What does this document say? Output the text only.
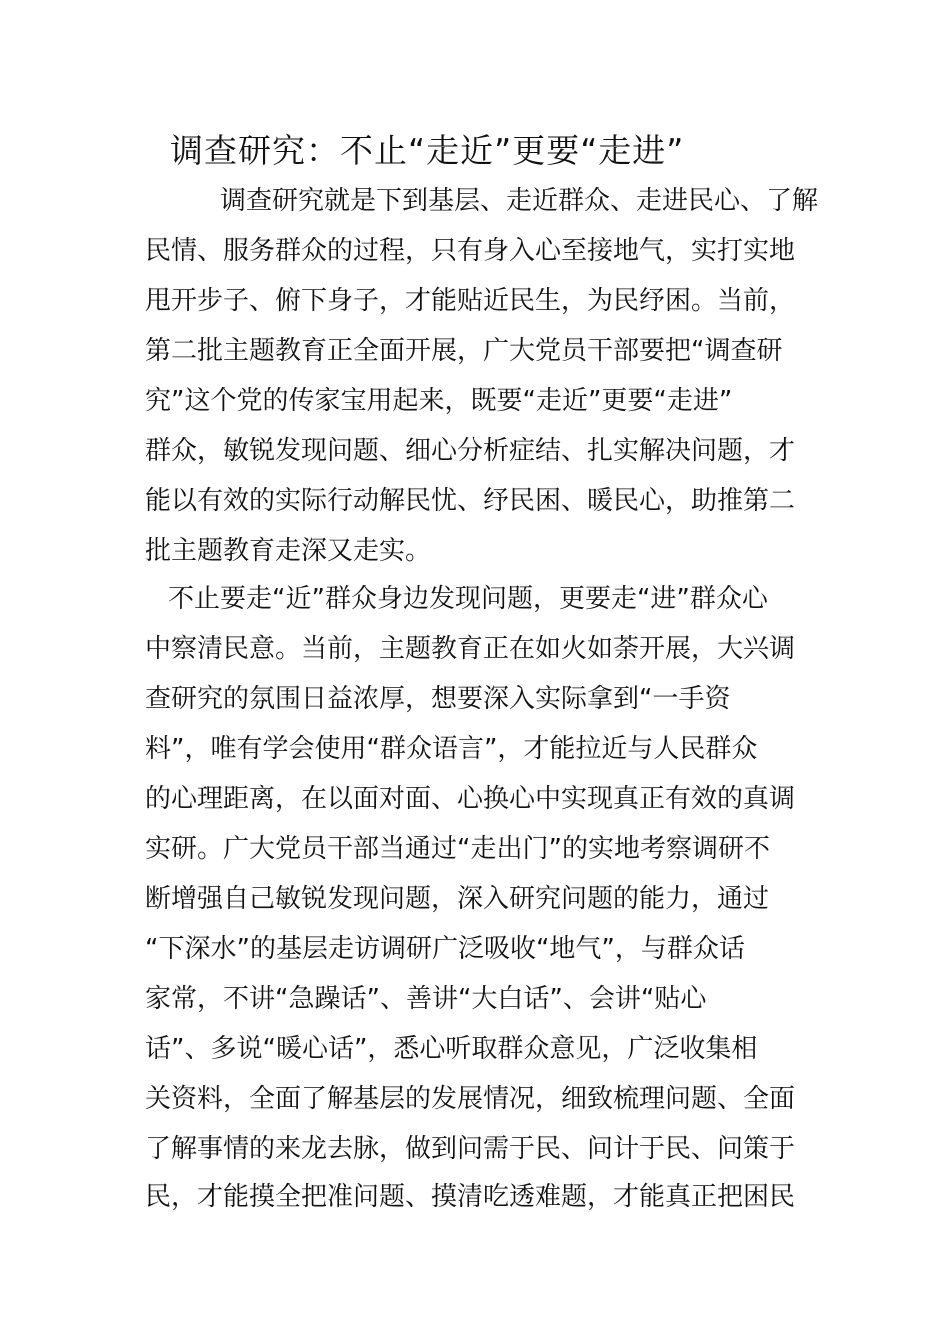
调查研究：不止“走近”更要“走进”
调查研究就是下到基层、走近群众、走进民心、了解
民情、服务群众的过程，只有身入心至接地气，实打实地
甩开步子、俯下身子，才能贴近民生，为民纾困。当前，
第二批主题教育正全面开展，广大党员干部要把“调查研
究”这个党的传家宝用起来，既要“走近”更要“走进”
群众，敏锐发现问题、细心分析症结、扎实解决问题，才
能以有效的实际行动解民忧、纾民困、暖民心，助推第二
批主题教育走深又走实。
不止要走“近”群众身边发现问题，更要走“进”群众心
中察清民意。当前，主题教育正在如火如荼开展，大兴调
查研究的氛围日益浓厚，想要深入实际拿到“一手资
料”，唯有学会使用“群众语言”，才能拉近与人民群众
的心理距离，在以面对面、心换心中实现真正有效的真调
实研。广大党员干部当通过“走出门”的实地考察调研不
断增强自己敏锐发现问题，深入研究问题的能力，通过
“下深水”的基层走访调研广泛吸收“地气”，与群众话
家常，不讲“急躁话”、善讲“大白话”、会讲“贴心
话”、多说“暖心话”，悉心听取群众意见，广泛收集相
关资料，全面了解基层的发展情况，细致梳理问题、全面
了解事情的来龙去脉，做到问需于民、问计于民、问策于
民，才能摸全把准问题、摸清吃透难题，才能真正把困民
